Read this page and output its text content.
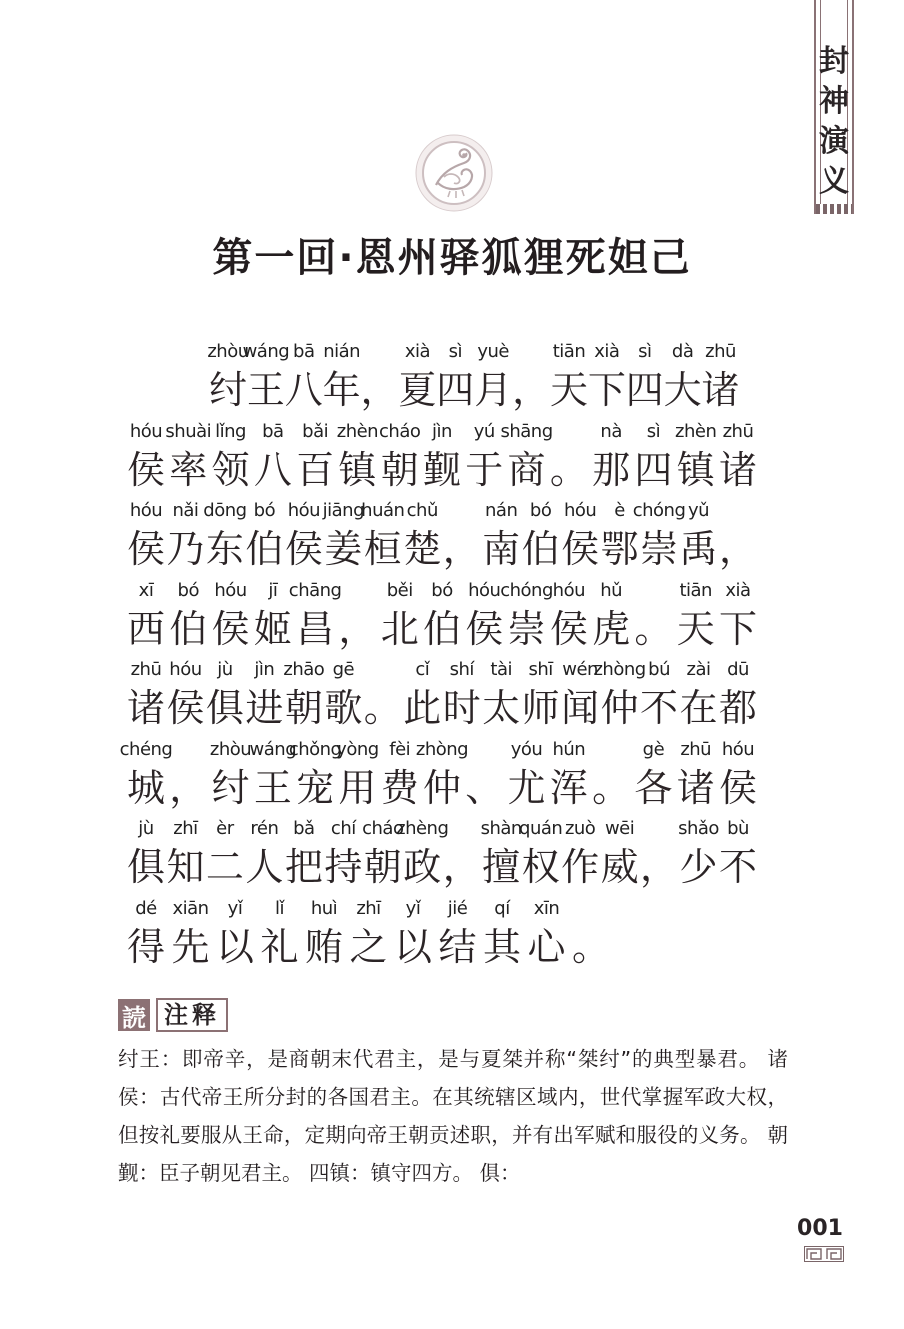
封
神
演
义
第一回·恩州驿狐狸死妲己
zhòu
纣
wáng
王
bā
八
nián
年 ，
xià
夏
sì
四
yuè
月 ，
tiān
天
xià
下
sì
四
dà
大
zhū
诸
hóu
侯
shuài
率
lǐng
领
bā
八
bǎi
百
zhèn
镇
cháo
朝
jìn
觐
yú
于
shāng
商 。
nà
那
sì
四
zhèn
镇
zhū
诸
hóu
侯
nǎi
乃
dōng
东
bó
伯
hóu
侯
jiāng
姜
huán
桓
chǔ
楚 ，
nán
南
bó
伯
hóu
侯
è
鄂
chóng
崇
yǔ
禹 ，
xī
西
bó
伯
hóu
侯
jī
姬
chāng
昌 ，
běi
北
bó
伯
hóu
侯
chóng
崇
hóu
侯
hǔ
虎 。
tiān
天
xià
下
zhū
诸
hóu
侯
jù
俱
jìn
进
zhāo
朝
gē
歌 。
cǐ
此
shí
时
tài
太
shī
师
wén
闻
zhòng
仲
bú
不
zài
在
dū
都
chéng
城 ，
zhòu
纣
wáng
王
chǒng
宠
yòng
用
fèi
费
zhòng
仲 、
yóu
尤
hún
浑 。
gè
各
zhū
诸
hóu
侯
jù
俱
zhī
知
èr
二
rén
人
bǎ
把
chí
持
cháo
朝
zhèng
政 ，
shàn
擅
quán
权
zuò
作
wēi
威 ，
shǎo
少
bù
不
dé
得
xiān
先
yǐ
以
lǐ
礼
huì
贿
zhī
之
yǐ
以
jié
结
qí
其
xīn
心 。
読 注释
纣王：即帝辛，是商朝末代君主，是与夏桀并称“桀纣”的典型暴君。 诸侯：古代帝王所分封的各国君主。在其统辖区域内，世代掌握军政大权，但按礼要服从王命，定期向帝王朝贡述职，并有出军赋和服役的义务。 朝觐：臣子朝见君主。 四镇：镇守四方。 俱：
001
